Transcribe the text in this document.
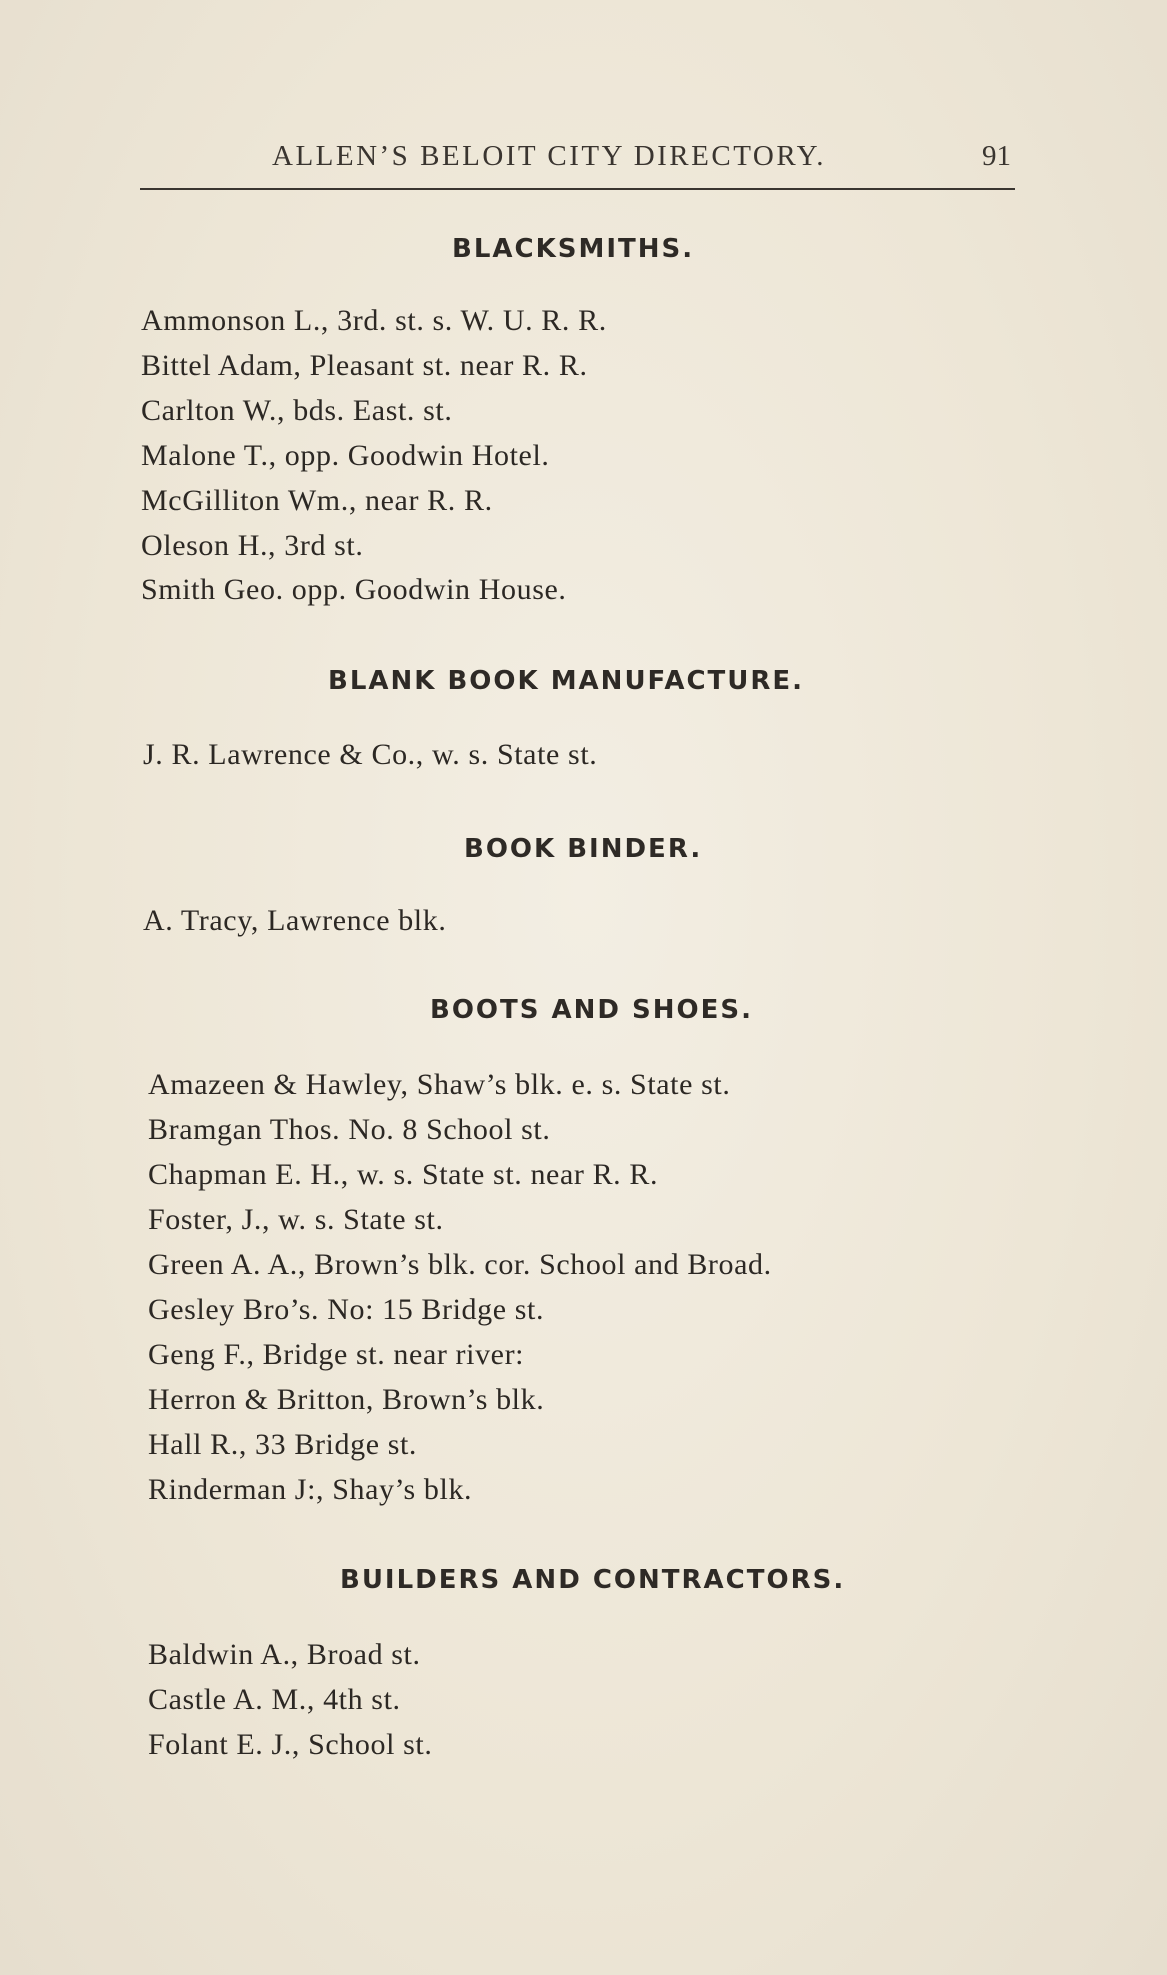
ALLEN’S BELOIT CITY DIRECTORY.	91
BLACKSMITHS.
Ammonson L., 3rd. st. s. W. U. R. R.
Bittel Adam, Pleasant st. near R. R.
Carlton W., bds. East. st.
Malone T., opp. Goodwin Hotel.
McGilliton Wm., near R. R.
Oleson H., 3rd st.
Smith Geo. opp. Goodwin House.
BLANK BOOK MANUFACTURE.
J. R. Lawrence & Co., w. s. State st.
BOOK BINDER.
A. Tracy, Lawrence blk.
BOOTS AND SHOES.
Amazeen & Hawley, Shaw’s blk. e. s. State st.
Bramgan Thos. No. 8 School st.
Chapman E. H., w. s. State st. near R. R.
Foster, J., w. s. State st.
Green A. A., Brown’s blk. cor. School and Broad.
Gesley Bro’s. No: 15 Bridge st.
Geng F., Bridge st. near river:
Herron & Britton, Brown’s blk.
Hall R., 33 Bridge st.
Rinderman J:, Shay’s blk.
BUILDERS AND CONTRACTORS.
Baldwin A., Broad st.
Castle A. M., 4th st.
Folant E. J., School st.
